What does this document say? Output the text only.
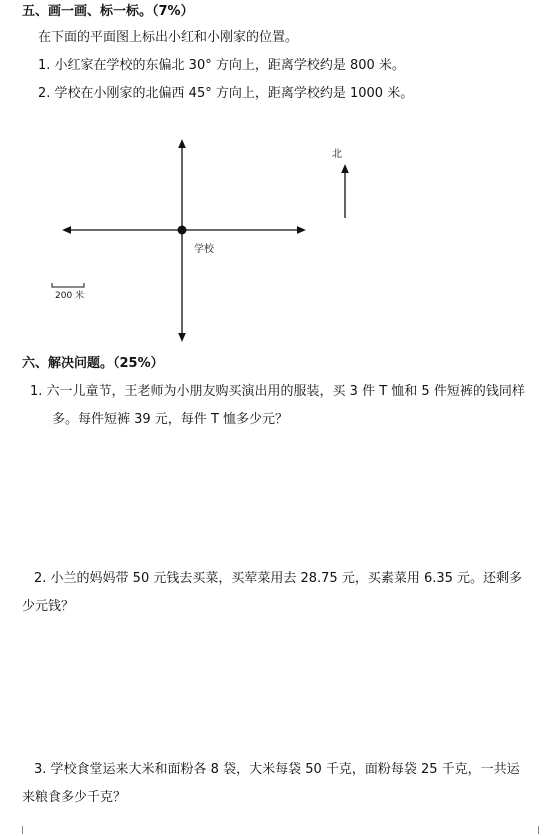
五、画一画、标一标。（7%）
在下面的平面图上标出小红和小刚家的位置。
1. 小红家在学校的东偏北 30° 方向上，距离学校约是 800 米。
2. 学校在小刚家的北偏西 45° 方向上，距离学校约是 1000 米。
学校
北
200 米
六、解决问题。（25%）
1. 六一儿童节，王老师为小朋友购买演出用的服装，买 3 件 T 恤和 5 件短裤的钱同样
多。每件短裤 39 元，每件 T 恤多少元？
2. 小兰的妈妈带 50 元钱去买菜，买荤菜用去 28.75 元，买素菜用 6.35 元。还剩多
少元钱？
3. 学校食堂运来大米和面粉各 8 袋，大米每袋 50 千克，面粉每袋 25 千克，一共运
来粮食多少千克？
